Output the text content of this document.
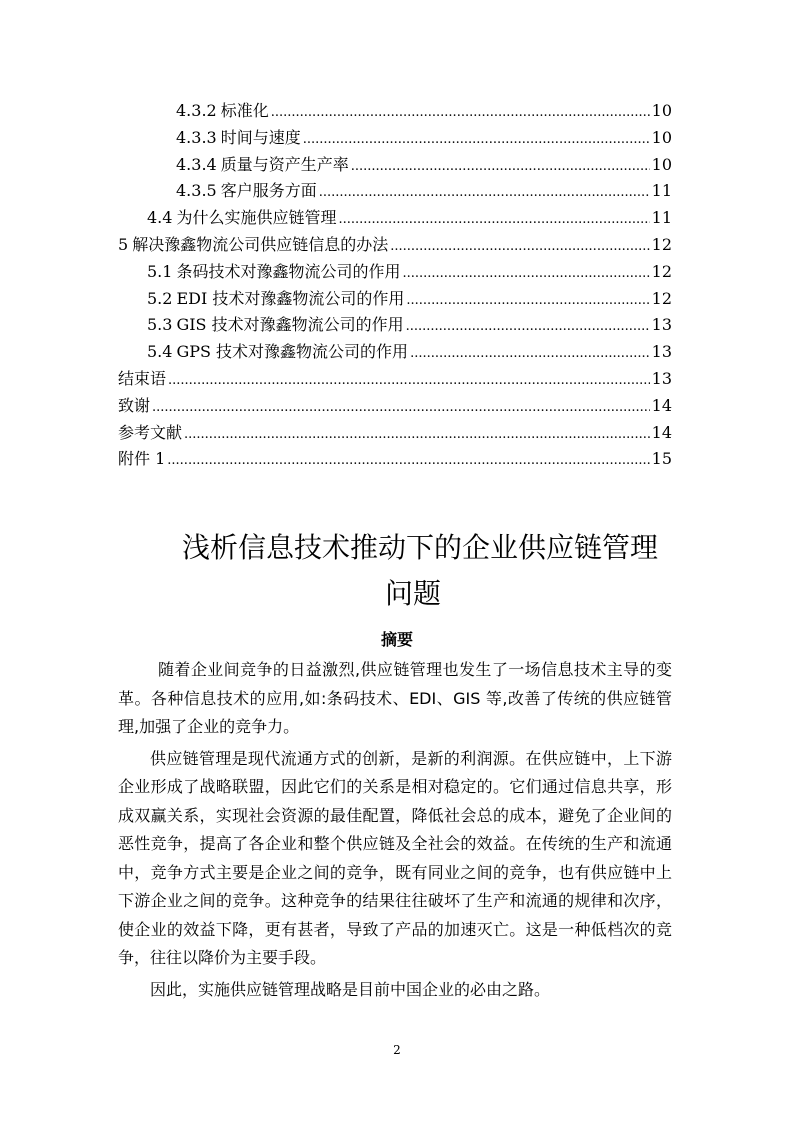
4.3.2 标准化 .....	10
4.3.3 时间与速度 .....	10
4.3.4 质量与资产生产率 .....	10
4.3.5 客户服务方面 .....	11
4.4 为什么实施供应链管理 .....	11
5 解决豫鑫物流公司供应链信息的办法 .....	12
5.1 条码技术对豫鑫物流公司的作用 .....	12
5.2 EDI 技术对豫鑫物流公司的作用 .....	12
5.3 GIS 技术对豫鑫物流公司的作用 .....	13
5.4 GPS 技术对豫鑫物流公司的作用 .....	13
结束语 .....	13
致谢 .....	14
参考文献 .....	14
附件 1 .....	15
浅析信息技术推动下的企业供应链管理
问题
摘要

随着企业间竞争的日益激烈,供应链管理也发生了一场信息技术主导的变革。各种信息技术的应用,如:条码技术、EDI、GIS 等,改善了传统的供应链管理,加强了企业的竞争力。

供应链管理是现代流通方式的创新，是新的利润源。在供应链中，上下游企业形成了战略联盟，因此它们的关系是相对稳定的。它们通过信息共享，形成双赢关系，实现社会资源的最佳配置，降低社会总的成本，避免了企业间的恶性竞争，提高了各企业和整个供应链及全社会的效益。在传统的生产和流通中，竞争方式主要是企业之间的竞争，既有同业之间的竞争，也有供应链中上下游企业之间的竞争。这种竞争的结果往往破坏了生产和流通的规律和次序，使企业的效益下降，更有甚者，导致了产品的加速灭亡。这是一种低档次的竞争，往往以降价为主要手段。

因此，实施供应链管理战略是目前中国企业的必由之路。

2
